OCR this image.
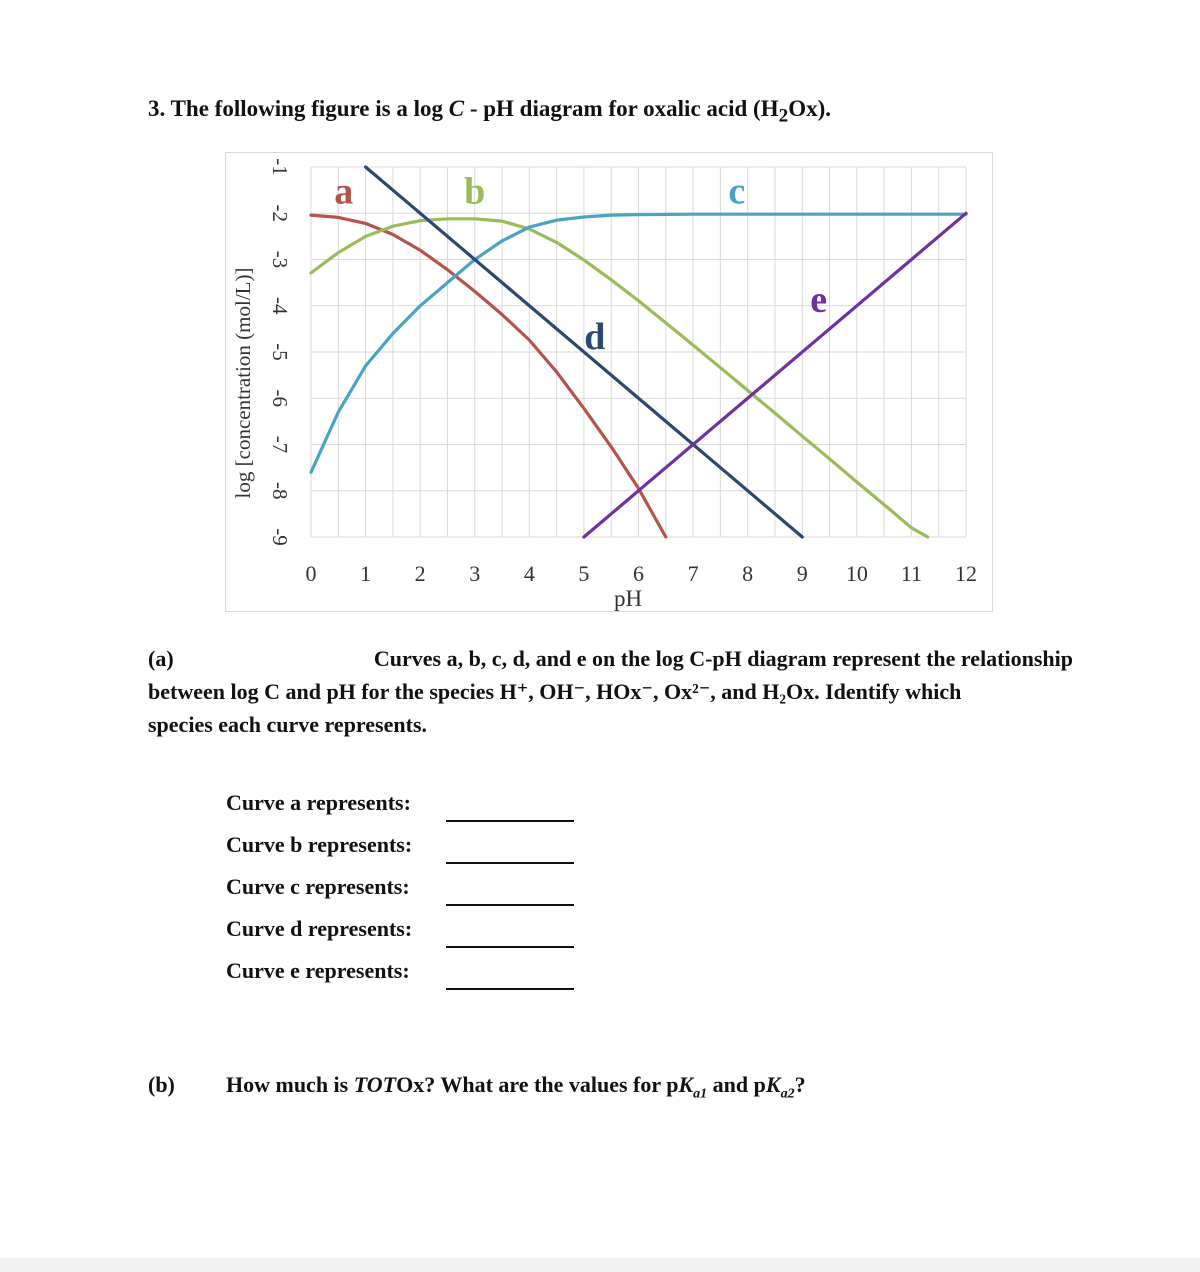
3. The following figure is a log C - pH diagram for oxalic acid $(H_2Ox)$.
a	b	c
d
e
0 1 2 3 4 5 6 7 8 9 10 11 12
-1
-2
-3
-4
-5
-6
-7
-8
-9
pH
log [concentration (mol/L)]
(a)	Curves a, b, c, d, and e on the log C-pH diagram represent the relationship
between log C and pH for the species H⁺, OH⁻, HOx⁻, Ox²⁻, and H₂Ox. Identify which
species each curve represents.
Curve a represents:
Curve b represents:
Curve c represents:
Curve d represents:
Curve e represents:
(b) How much is TOTOx? What are the values for $pK_{a1}$ and $pK_{a2}$?
